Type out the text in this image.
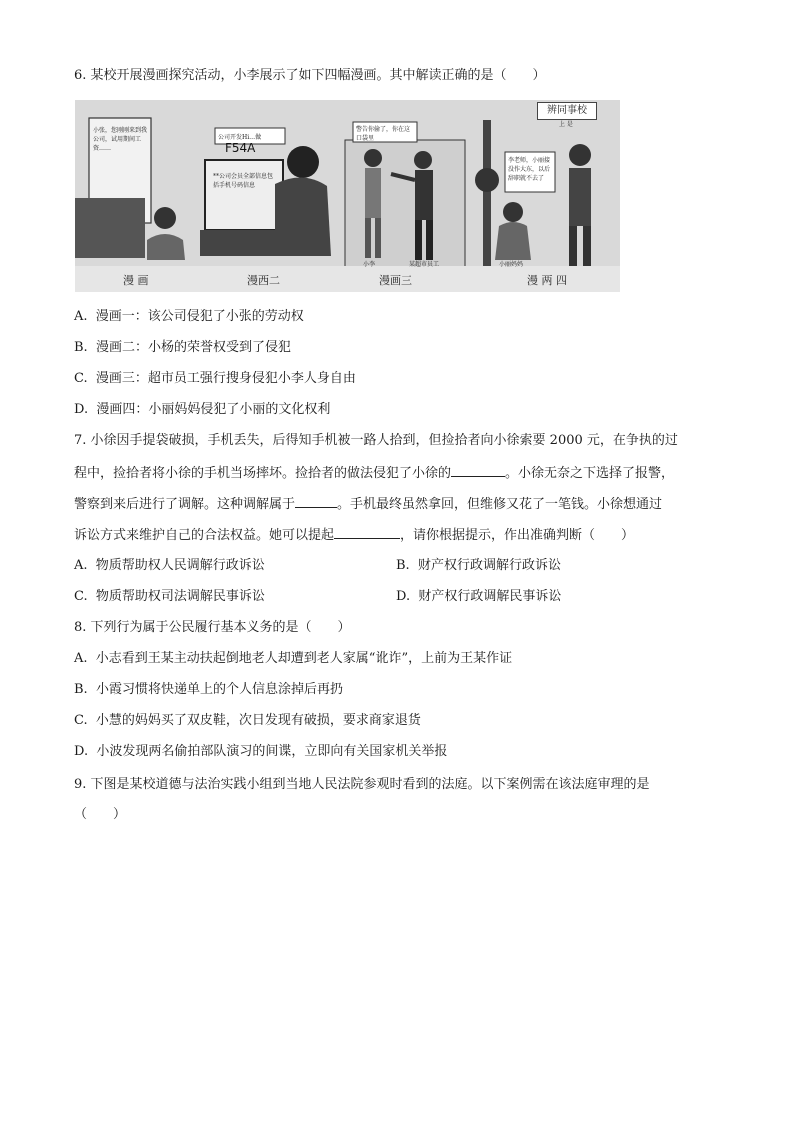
6. 某校开展漫画探究活动，小李展示了如下四幅漫画。其中解读正确的是（　　）
小张，您刚刚来到我公司，试用期间工资……
公司开发Hi…做
F54A
**公司会员全部信息包括手机号码信息
警告你偷了，你在这口袋里
小李	某超市员工
辨同事校
上 是
李老师，小丽接没作大东，以后辞职就不去了
小丽妈妈
漫 画	漫西二	漫画三	漫 两 四
A. 漫画一：该公司侵犯了小张的劳动权
B. 漫画二：小杨的荣誉权受到了侵犯
C. 漫画三：超市员工强行搜身侵犯小李人身自由
D. 漫画四：小丽妈妈侵犯了小丽的文化权利
7. 小徐因手提袋破损，手机丢失，后得知手机被一路人拾到，但捡拾者向小徐索要 2000 元，在争执的过
程中，捡拾者将小徐的手机当场摔坏。捡拾者的做法侵犯了小徐的	。小徐无奈之下选择了报警，
警察到来后进行了调解。这种调解属于	。手机最终虽然拿回，但维修又花了一笔钱。小徐想通过
诉讼方式来维护自己的合法权益。她可以提起	，请你根据提示，作出准确判断（　　）
A. 物质帮助权人民调解行政诉讼	B. 财产权行政调解行政诉讼
C. 物质帮助权司法调解民事诉讼	D. 财产权行政调解民事诉讼
8. 下列行为属于公民履行基本义务的是（　　）
A. 小志看到王某主动扶起倒地老人却遭到老人家属“讹诈”，上前为王某作证
B. 小霞习惯将快递单上的个人信息涂掉后再扔
C. 小慧的妈妈买了双皮鞋，次日发现有破损，要求商家退货
D. 小波发现两名偷拍部队演习的间谍，立即向有关国家机关举报
9. 下图是某校道德与法治实践小组到当地人民法院参观时看到的法庭。以下案例需在该法庭审理的是
（　　）
